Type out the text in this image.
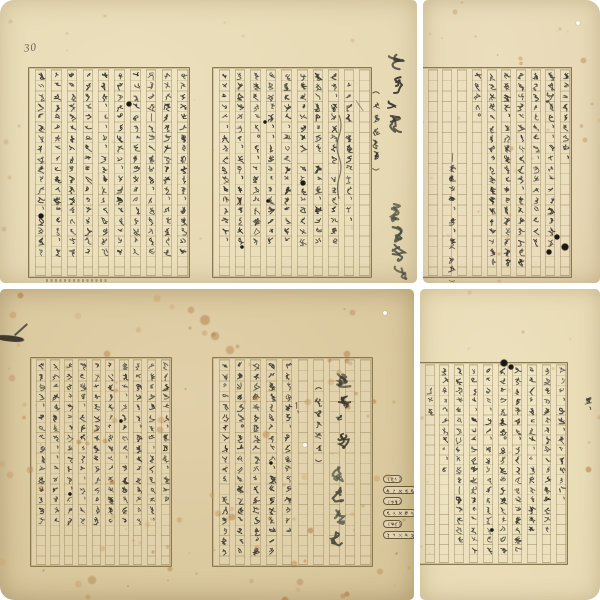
30
